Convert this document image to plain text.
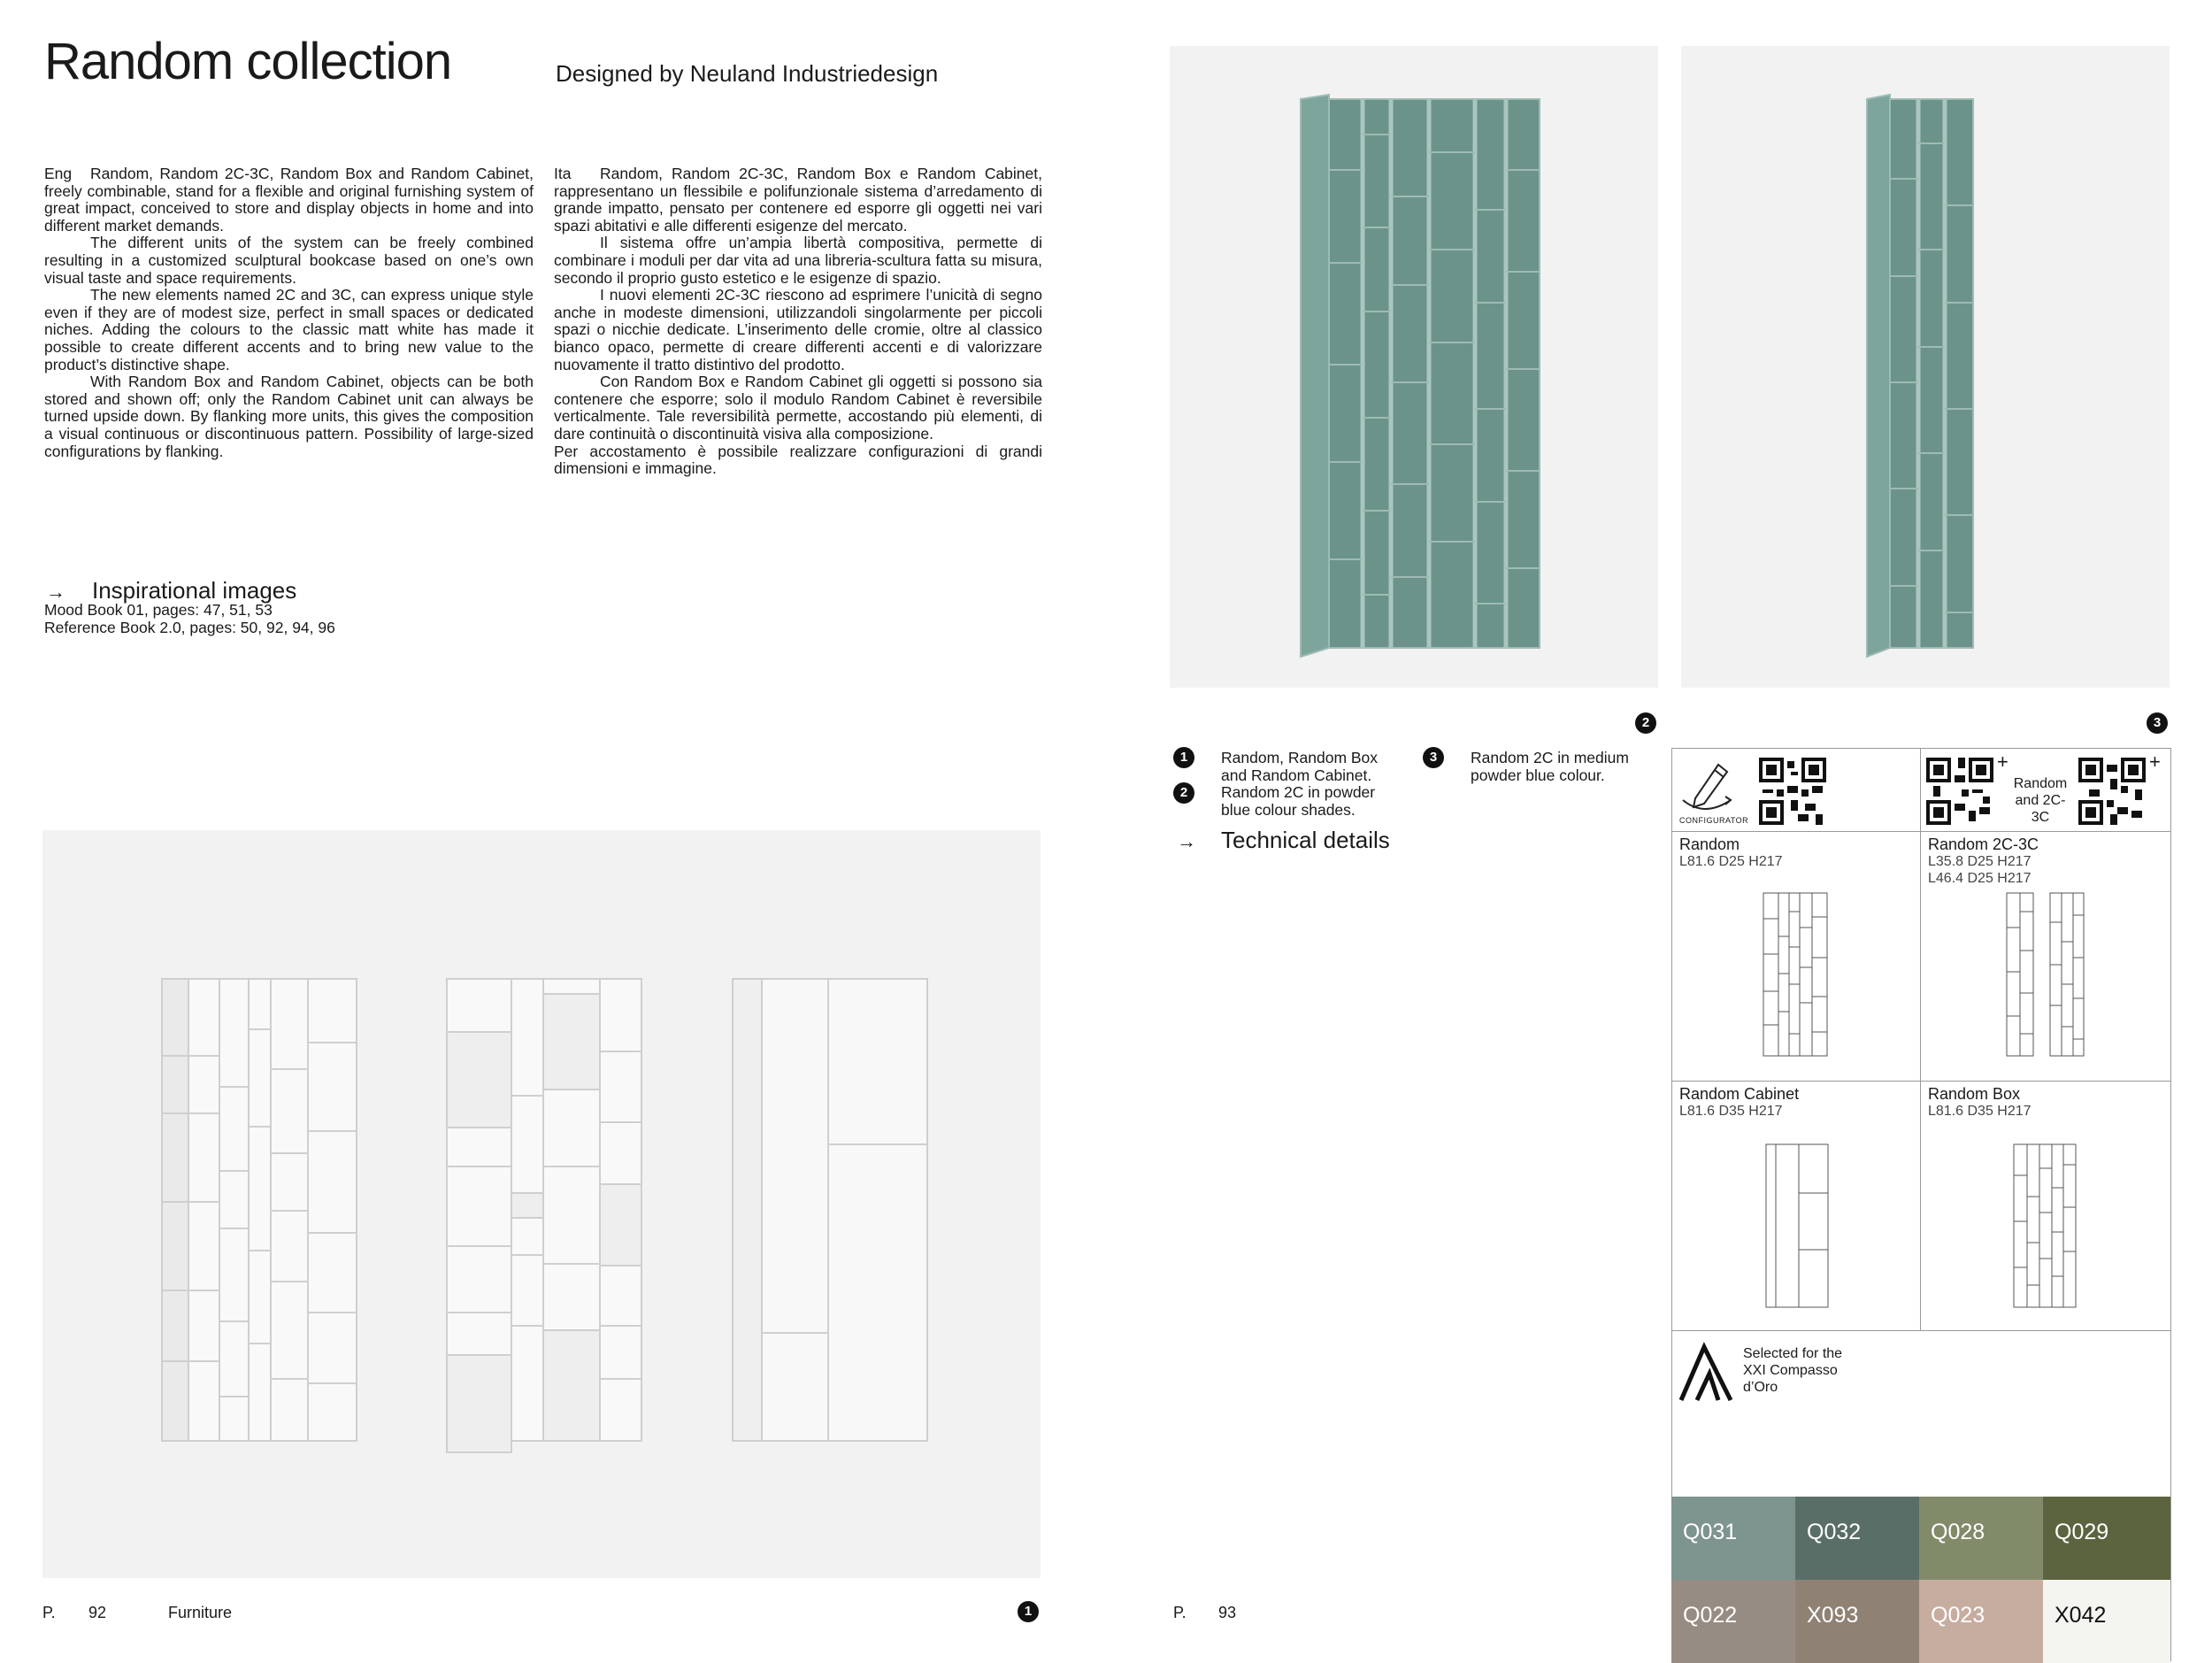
Random collection	Designed by Neuland Industriedesign

Eng Random, Random 2C-3C, Random Box and Random Cabinet, freely combinable, stand for a flexible and original furnishing system of great impact, conceived to store and display objects in home and into different market demands.

The different units of the system can be freely combined resulting in a customized sculptural bookcase based on one’s own visual taste and space requirements.

The new elements named 2C and 3C, can express unique style even if they are of modest size, perfect in small spaces or dedicated niches. Adding the colours to the classic matt white has made it possible to create different accents and to bring new value to the product’s distinctive shape.

With Random Box and Random Cabinet, objects can be both stored and shown off; only the Random Cabinet unit can always be turned upside down. By flanking more units, this gives the composition a visual continuous or discontinuous pattern. Possibility of large-sized configurations by flanking.

Ita Random, Random 2C-3C, Random Box e Random Cabinet, rappresentano un flessibile e polifunzionale sistema d’arredamento di grande impatto, pensato per contenere ed esporre gli oggetti nei vari spazi abitativi e alle differenti esigenze del mercato.

Il sistema offre un’ampia libertà compositiva, permette di combinare i moduli per dar vita ad una libreria-scultura fatta su misura, secondo il proprio gusto estetico e le esigenze di spazio.

I nuovi elementi 2C-3C riescono ad esprimere l’unicità di segno anche in modeste dimensioni, utilizzandoli singolarmente per piccoli spazi o nicchie dedicate. L’inserimento delle cromie, oltre al classico bianco opaco, permette di creare differenti accenti e di valorizzare nuovamente il tratto distintivo del prodotto.

Con Random Box e Random Cabinet gli oggetti si possono sia contenere che esporre; solo il modulo Random Cabinet è reversibile verticalmente. Tale reversibilità permette, accostando più elementi, di dare continuità o discontinuità visiva alla composizione.

Per accostamento è possibile realizzare configurazioni di grandi dimensioni e immagine.

→ Inspirational images
Mood Book 01, pages: 47, 51, 53
Reference Book 2.0, pages: 50, 92, 94, 96
P. 92	Furniture	1
2	3
1	Random, Random Box and Random Cabinet.
2	Random 2C in powder blue colour shades.
3	Random 2C in medium powder blue colour.
→ Technical details
CONFIGURATOR
+
Random and 2C-3C
+
Random
L81.6 D25 H217
Random 2C-3C
L35.8 D25 H217
L46.4 D25 H217
Random Cabinet
L81.6 D35 H217
Random Box
L81.6 D35 H217
Selected for the XXI Compasso d’Oro
Q031	Q032	Q028	Q029
Q022	X093	Q023	X042
P. 93
